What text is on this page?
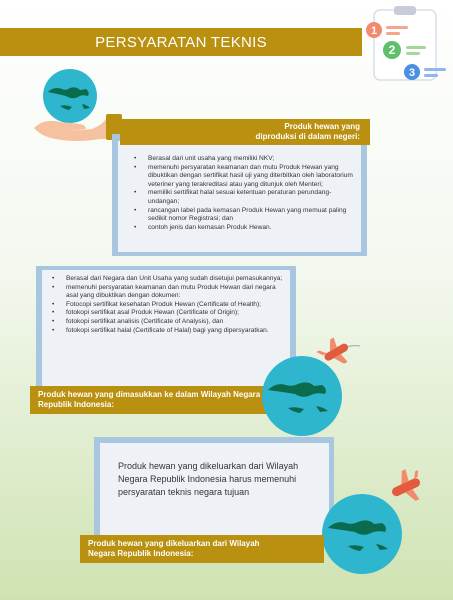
PERSYARATAN TEKNIS
1
2
3
Produk hewan yang
diproduksi di dalam negeri:
• Berasal dari unit usaha yang memiliki NKV;
• memenuhi persyaratan keamanan dan mutu Produk Hewan yang dibuktikan dengan sertifikat hasil uji yang diterbitkan oleh laboratorium veteriner yang terakreditasi atau yang ditunjuk oleh Menteri;
• memiliki sertifikat halal sesuai ketentuan peraturan perundang-undangan;
• rancangan label pada kemasan Produk Hewan yang memuat paling sedikit nomor Registrasi; dan
• contoh jenis dan kemasan Produk Hewan.
• Berasal dari Negara dan Unit Usaha yang sudah disetujui pemasukannya;
• memenuhi persyaratan keamanan dan mutu Produk Hewan dari negara asal yang dibuktikan dengan dokumen:
• Fotocopi sertifikat kesehatan Produk Hewan (Certificate of Health);
• fotokopi sertifikat asal Produk Hewan (Certificate of Origin);
• fotokopi sertifikat analisis (Certificate of Analysis), dan
• fotokopi sertifikat halal (Certificate of Halal) bagi yang dipersyaratkan.
Produk hewan yang dimasukkan ke dalam Wilayah Negara
Republik Indonesia:
Produk hewan yang dikeluarkan dari Wilayah Negara Republik Indonesia harus memenuhi persyaratan teknis negara tujuan
Produk hewan yang dikeluarkan dari Wilayah
Negara Republik Indonesia:
